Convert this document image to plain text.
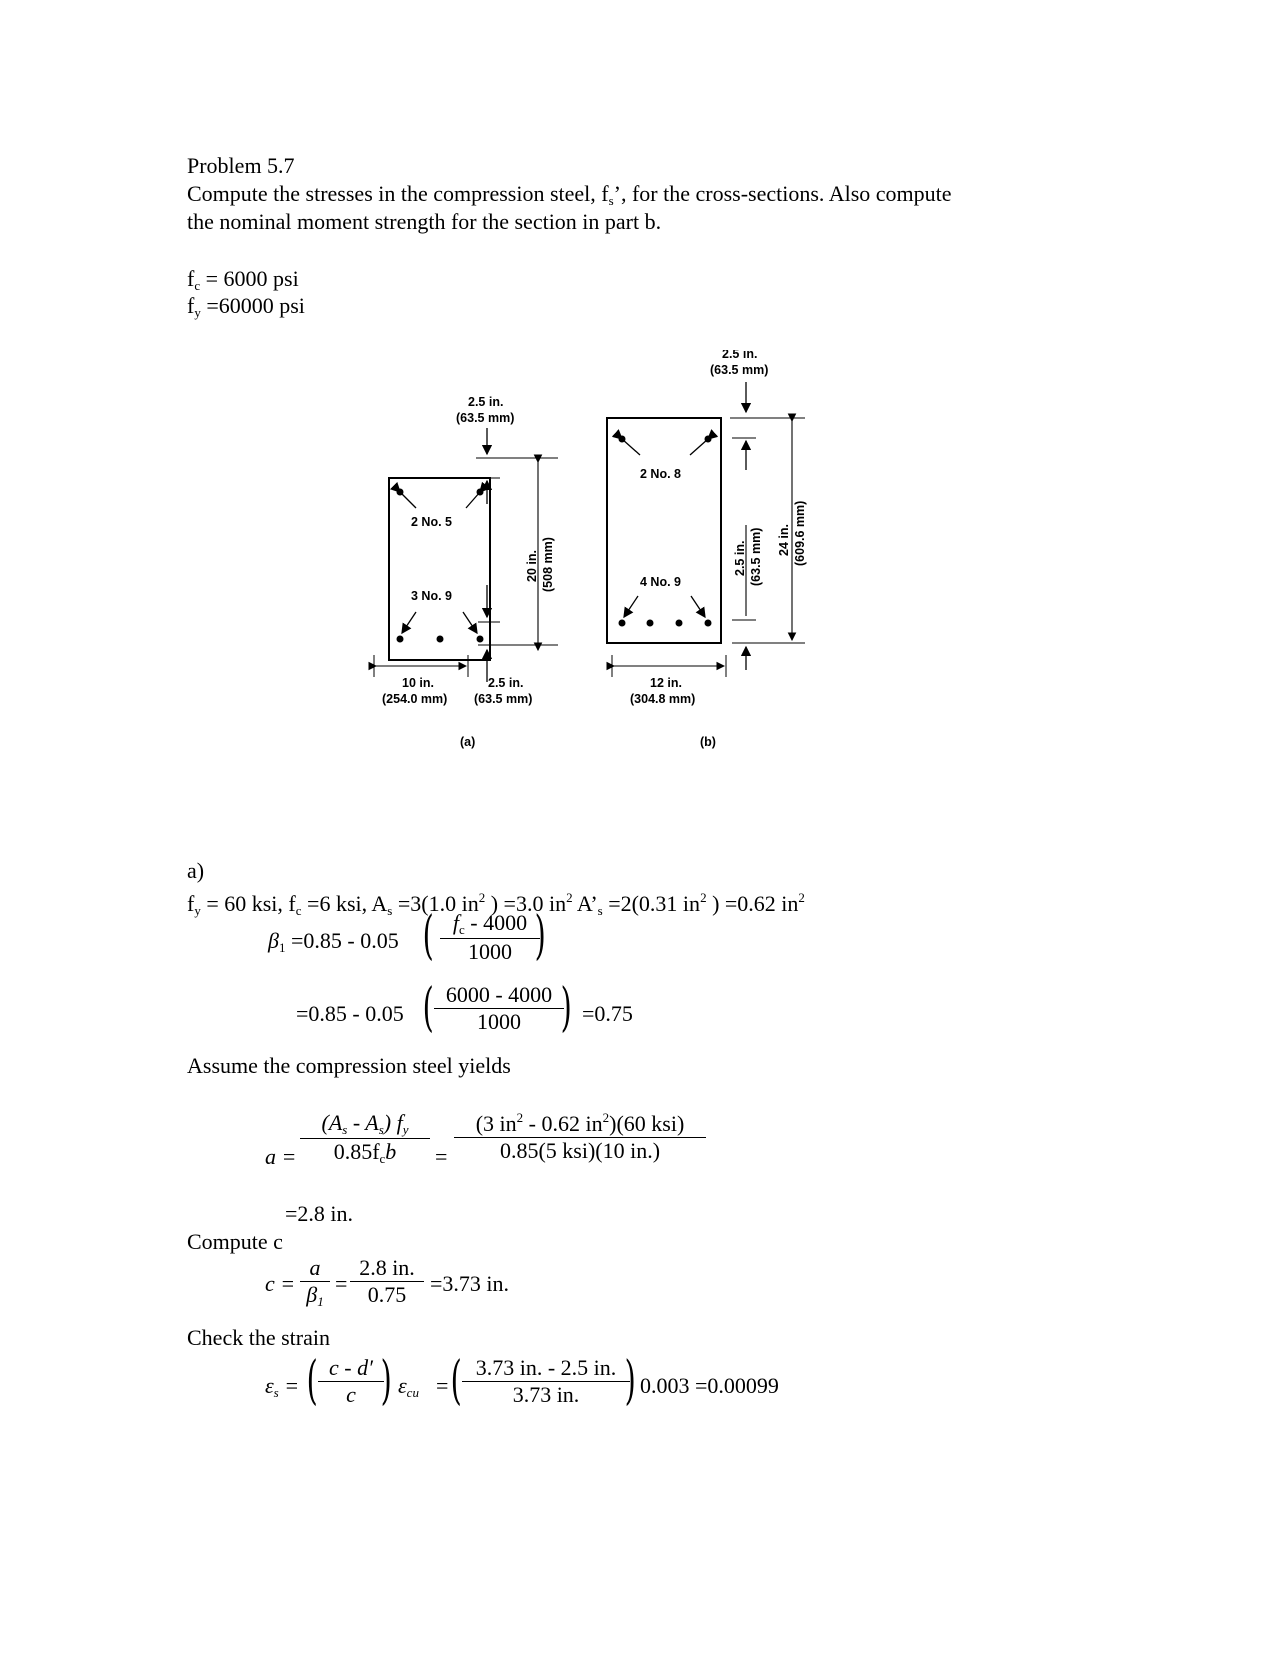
Problem 5.7
Compute the stresses in the compression steel, $f_s$’, for the cross-sections. Also compute
the nominal moment strength for the section in part b.
$f_c = 6000$ psi
$f_y =60000$ psi
2 No. 5
3 No. 9
2.5 in.
(63.5 mm)
20 in. (508 mm)
10 in.
(254.0 mm)
2.5 in.
(63.5 mm)
(a)
2 No. 8
4 No. 9
2.5 in.
(63.5 mm)
2.5 in. (63.5 mm) 24 in. (609.6 mm)
12 in.
(304.8 mm)
(b)
a)
$f_y = 60$ ksi, $f_c =6$ ksi, $A_s =3(1.0$ $in^2$ ) =3.0 $in^2$ $A’_s =2(0.31$ $in^2$ ) =0.62 $in^2$
$\beta_1 =0.85 - 0.05$ ( $f_c - 4000$
1000 )
=0.85 - 0.05 ( 6000 - 4000
1000 ) =0.75
Assume the compression steel yields
a =
$(A_s - A_s)$ $f_y$
$0.85f_cb$	=
(3 $in^2 - 0.62$ $in^2)(60$ ksi)
0.85(5 ksi)(10 in.)
=2.8 in.
Compute c
c =
a
$\beta_1$
=
2.8 in.
0.75	=3.73 in.
Check the strain
$\varepsilon_s$ = ( c - d′
c ) $\varepsilon_{cu}$ = ( 3.73 in. - 2.5 in.
3.73 in. ) 0.003 =0.00099
